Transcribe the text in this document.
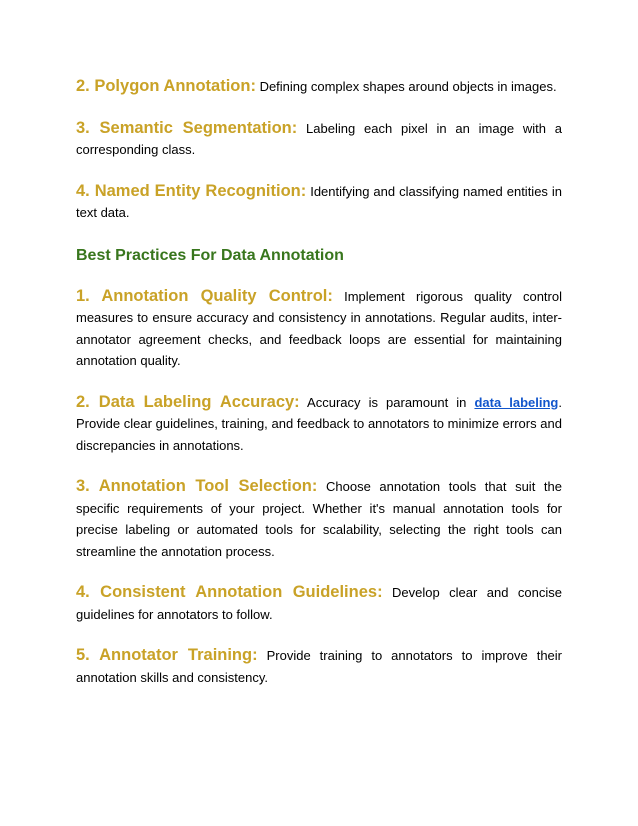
2. Polygon Annotation: Defining complex shapes around objects in images.

3. Semantic Segmentation: Labeling each pixel in an image with a corresponding class.

4. Named Entity Recognition: Identifying and classifying named entities in text data.

Best Practices For Data Annotation

1. Annotation Quality Control: Implement rigorous quality control measures to ensure accuracy and consistency in annotations. Regular audits, inter-annotator agreement checks, and feedback loops are essential for maintaining annotation quality.

2. Data Labeling Accuracy: Accuracy is paramount in data labeling. Provide clear guidelines, training, and feedback to annotators to minimize errors and discrepancies in annotations.

3. Annotation Tool Selection: Choose annotation tools that suit the specific requirements of your project. Whether it's manual annotation tools for precise labeling or automated tools for scalability, selecting the right tools can streamline the annotation process.

4. Consistent Annotation Guidelines: Develop clear and concise guidelines for annotators to follow.

5. Annotator Training: Provide training to annotators to improve their annotation skills and consistency.
